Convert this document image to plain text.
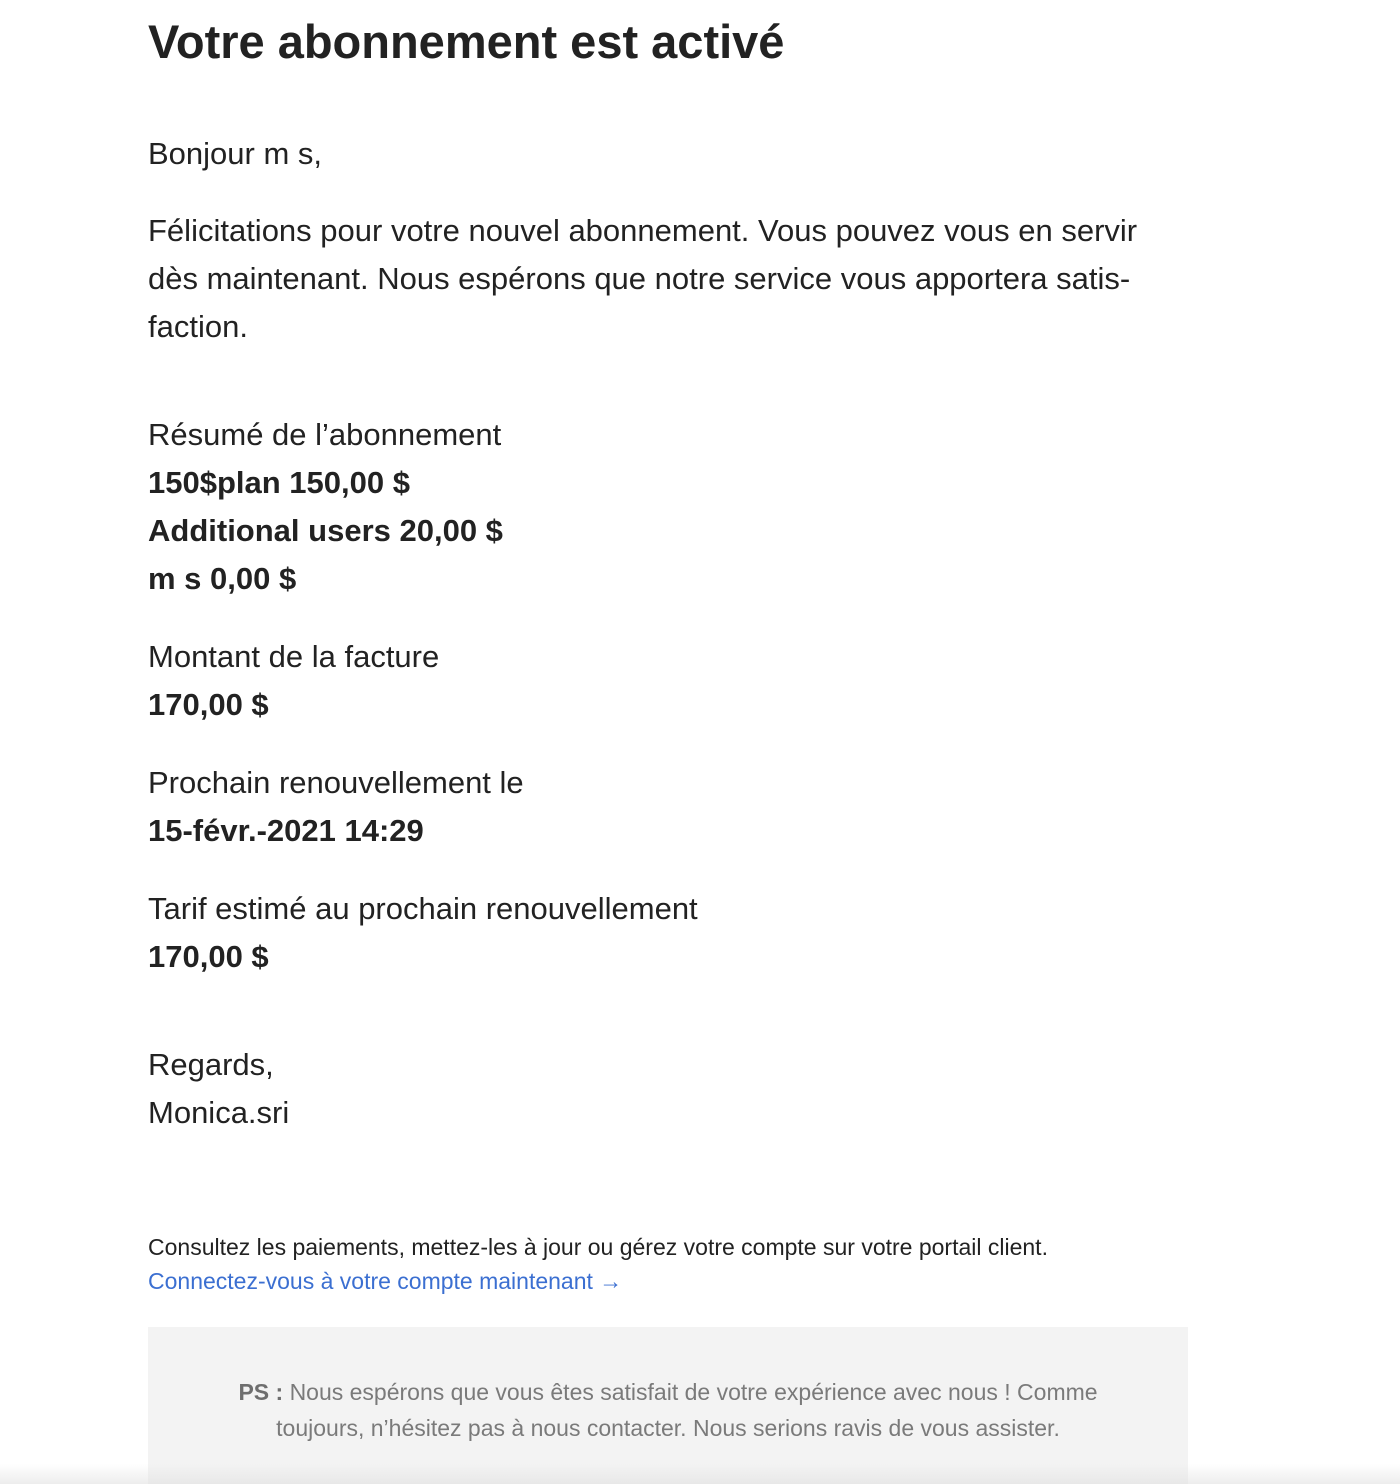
Votre abonnement est activé

Bonjour m s,

Félicitations pour votre nouvel abonnement. Vous pouvez vous en servir dès maintenant. Nous espérons que notre service vous apportera satisfaction.

Résumé de l’abonnement
150$plan 150,00 $
Additional users 20,00 $
m s 0,00 $
Montant de la facture
170,00 $
Prochain renouvellement le
15-févr.-2021 14:29
Tarif estimé au prochain renouvellement
170,00 $
Regards,
Monica.sri
Consultez les paiements, mettez-les à jour ou gérez votre compte sur votre portail client.
Connectez-vous à votre compte maintenant →
PS : Nous espérons que vous êtes satisfait de votre expérience avec nous ! Comme toujours, n’hésitez pas à nous contacter. Nous serions ravis de vous assister.
